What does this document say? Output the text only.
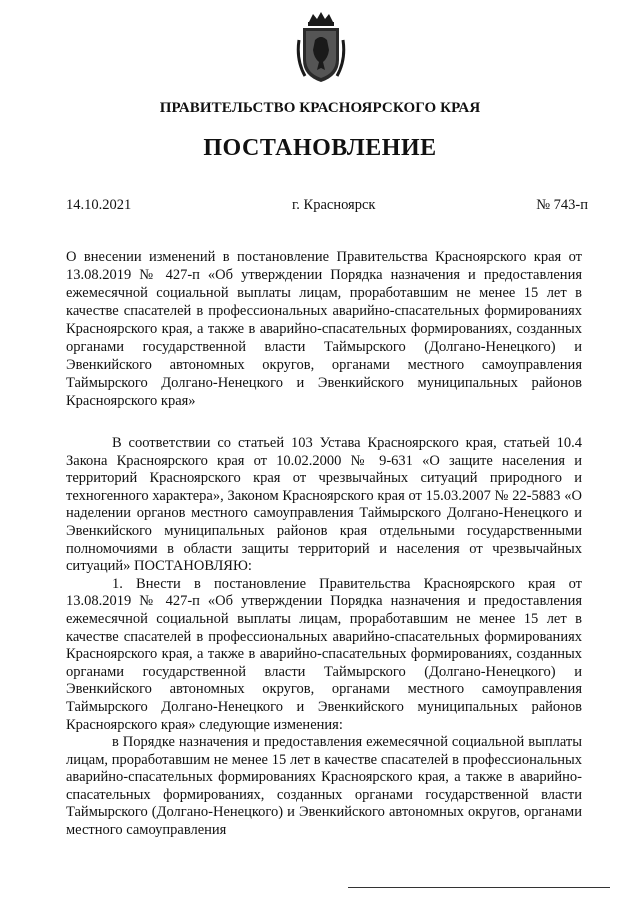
ПРАВИТЕЛЬСТВО КРАСНОЯРСКОГО КРАЯ
ПОСТАНОВЛЕНИЕ
14.10.2021	г. Красноярск	№ 743-п
О внесении изменений в постановление Правительства Красноярского края от 13.08.2019 № 427-п «Об утверждении Порядка назначения и предоставления ежемесячной социальной выплаты лицам, проработавшим не менее 15 лет в качестве спасателей в профессиональных аварийно-спасательных формированиях Красноярского края, а также в аварийно-спасательных формированиях, созданных органами государственной власти Таймырского (Долгано-Ненецкого) и Эвенкийского автономных округов, органами местного самоуправления Таймырского Долгано-Ненецкого и Эвенкийского муниципальных районов Красноярского края»

В соответствии со статьей 103 Устава Красноярского края, статьей 10.4 Закона Красноярского края от 10.02.2000 № 9-631 «О защите населения и территорий Красноярского края от чрезвычайных ситуаций природного и техногенного характера», Законом Красноярского края от 15.03.2007 № 22-5883 «О наделении органов местного самоуправления Таймырского Долгано-Ненецкого и Эвенкийского муниципальных районов края отдельными государственными полномочиями в области защиты территорий и населения от чрезвычайных ситуаций» ПОСТАНОВЛЯЮ:

1. Внести в постановление Правительства Красноярского края от 13.08.2019 № 427-п «Об утверждении Порядка назначения и предоставления ежемесячной социальной выплаты лицам, проработавшим не менее 15 лет в качестве спасателей в профессиональных аварийно-спасательных формированиях Красноярского края, а также в аварийно-спасательных формированиях, созданных органами государственной власти Таймырского (Долгано-Ненецкого) и Эвенкийского автономных округов, органами местного самоуправления Таймырского Долгано-Ненецкого и Эвенкийского муниципальных районов Красноярского края» следующие изменения:

в Порядке назначения и предоставления ежемесячной социальной выплаты лицам, проработавшим не менее 15 лет в качестве спасателей в профессиональных аварийно-спасательных формированиях Красноярского края, а также в аварийно-спасательных формированиях, созданных органами государственной власти Таймырского (Долгано-Ненецкого) и Эвенкийского автономных округов, органами местного самоуправления
